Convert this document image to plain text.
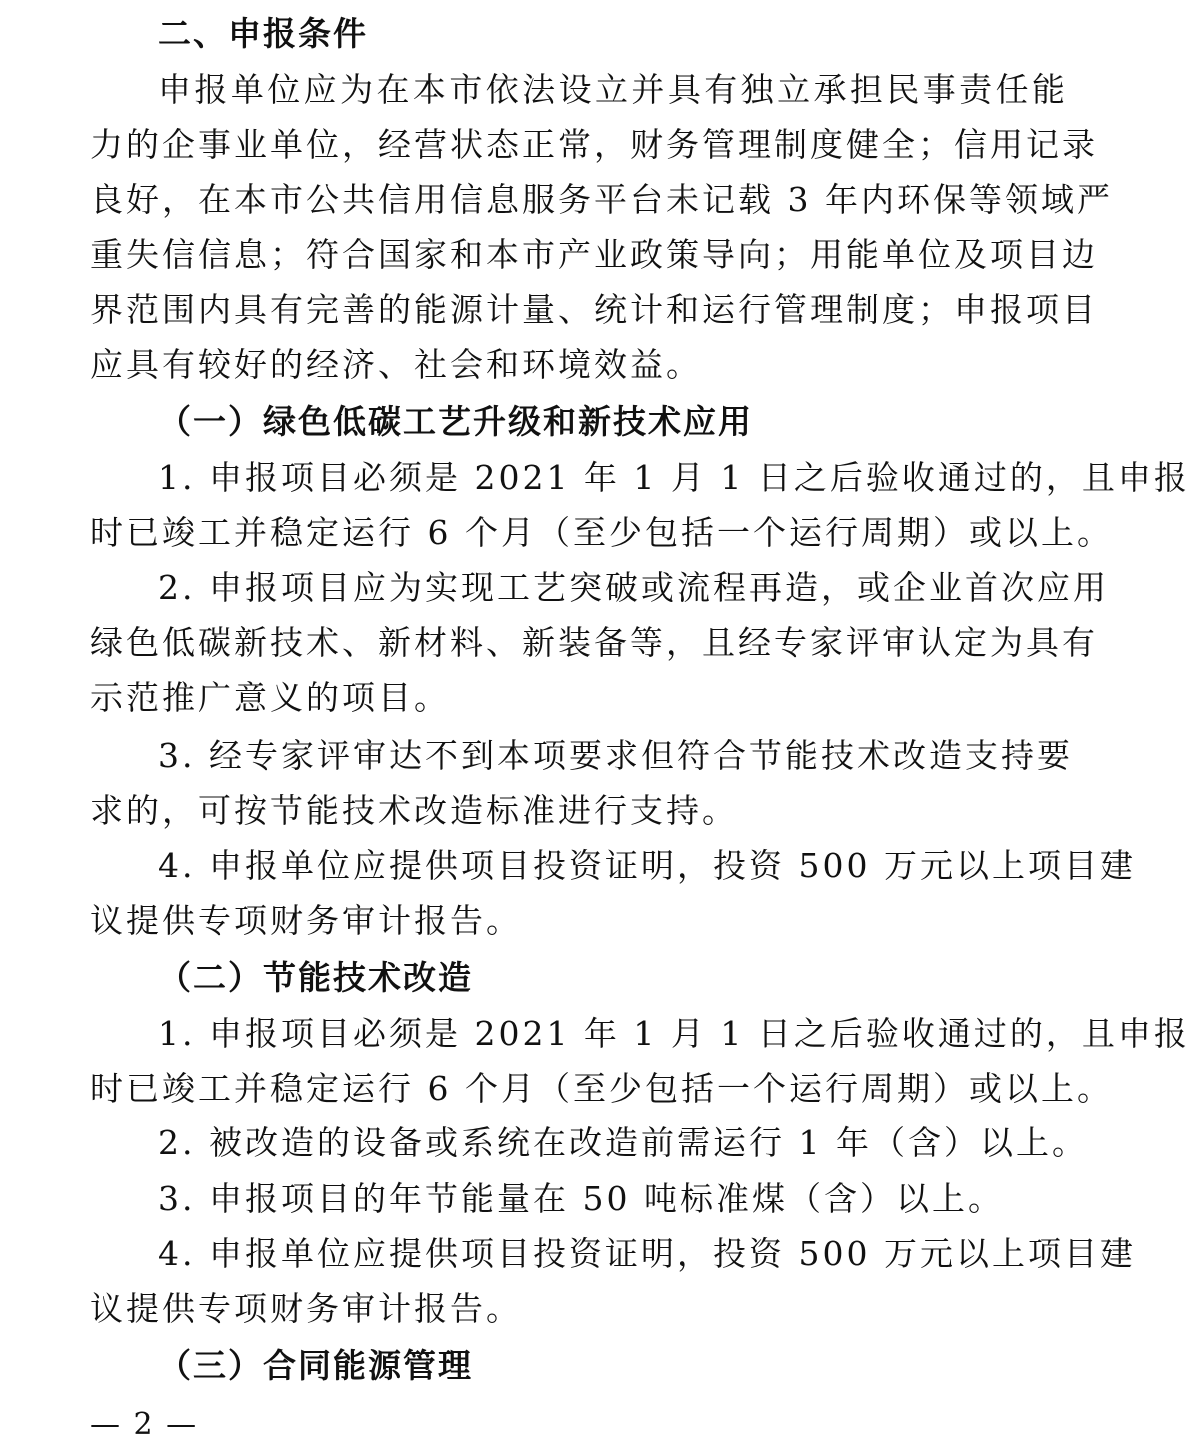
二、申报条件
申报单位应为在本市依法设立并具有独立承担民事责任能
力的企事业单位，经营状态正常，财务管理制度健全；信用记录
良好，在本市公共信用信息服务平台未记载 3 年内环保等领域严
重失信信息；符合国家和本市产业政策导向；用能单位及项目边
界范围内具有完善的能源计量、统计和运行管理制度；申报项目
应具有较好的经济、社会和环境效益。
（一）绿色低碳工艺升级和新技术应用
1. 申报项目必须是 2021 年 1 月 1 日之后验收通过的，且申报
时已竣工并稳定运行 6 个月（至少包括一个运行周期）或以上。
2. 申报项目应为实现工艺突破或流程再造，或企业首次应用
绿色低碳新技术、新材料、新装备等，且经专家评审认定为具有
示范推广意义的项目。
3. 经专家评审达不到本项要求但符合节能技术改造支持要
求的，可按节能技术改造标准进行支持。
4. 申报单位应提供项目投资证明，投资 500 万元以上项目建
议提供专项财务审计报告。
（二）节能技术改造
1. 申报项目必须是 2021 年 1 月 1 日之后验收通过的，且申报
时已竣工并稳定运行 6 个月（至少包括一个运行周期）或以上。
2. 被改造的设备或系统在改造前需运行 1 年（含）以上。
3. 申报项目的年节能量在 50 吨标准煤（含）以上。
4. 申报单位应提供项目投资证明，投资 500 万元以上项目建
议提供专项财务审计报告。
（三）合同能源管理
— 2 —
